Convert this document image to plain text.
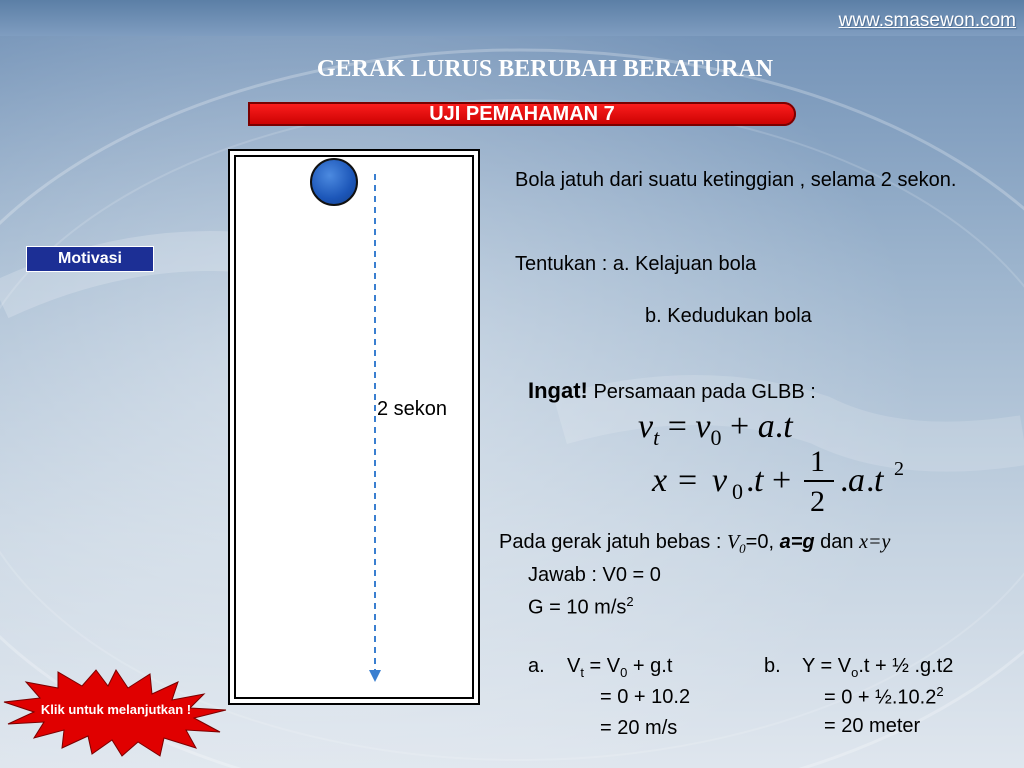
www.smasewon.com
GERAK LURUS BERUBAH BERATURAN
UJI PEMAHAMAN 7
Motivasi
2 sekon
Bola jatuh dari suatu ketinggian , selama 2 sekon.
Tentukan : a. Kelajuan bola
b. Kedudukan bola
Ingat! Persamaan pada GLBB :
$v_t = v_0 + a.t$
x = v 0 . t +
1
2
. a . t 2
Pada gerak jatuh bebas : $V_0=0$, a=g dan x=y
Jawab : V0 = 0
G = 10 $m/s^2$
a. $V_t = V_0 + g.t$
= 0 + 10.2
= 20 m/s
b. $Y = V_o.t$ + ½ .g.t2
= $0 + \frac{1}{2}.10.2^2$
= 20 meter
Klik untuk melanjutkan !
